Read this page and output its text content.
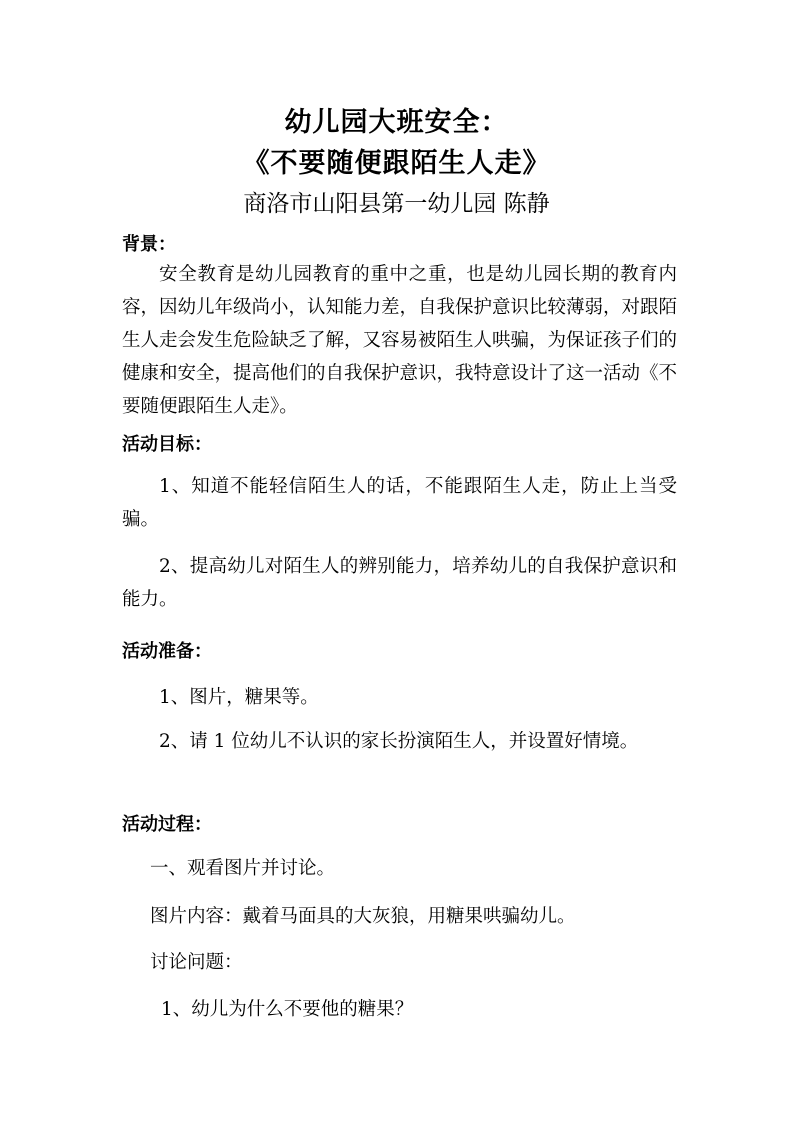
幼儿园大班安全：
《不要随便跟陌生人走》
商洛市山阳县第一幼儿园 陈静
背景：
安全教育是幼儿园教育的重中之重，也是幼儿园长期的教育内容，因幼儿年级尚小，认知能力差，自我保护意识比较薄弱，对跟陌生人走会发生危险缺乏了解，又容易被陌生人哄骗，为保证孩子们的健康和安全，提高他们的自我保护意识，我特意设计了这一活动《不要随便跟陌生人走》。
活动目标：
1、知道不能轻信陌生人的话，不能跟陌生人走，防止上当受骗。
2、提高幼儿对陌生人的辨别能力，培养幼儿的自我保护意识和能力。
活动准备：
1、图片，糖果等。
2、请 1 位幼儿不认识的家长扮演陌生人，并设置好情境。
活动过程：
一、观看图片并讨论。
图片内容：戴着马面具的大灰狼，用糖果哄骗幼儿。
讨论问题：
1、幼儿为什么不要他的糖果？
